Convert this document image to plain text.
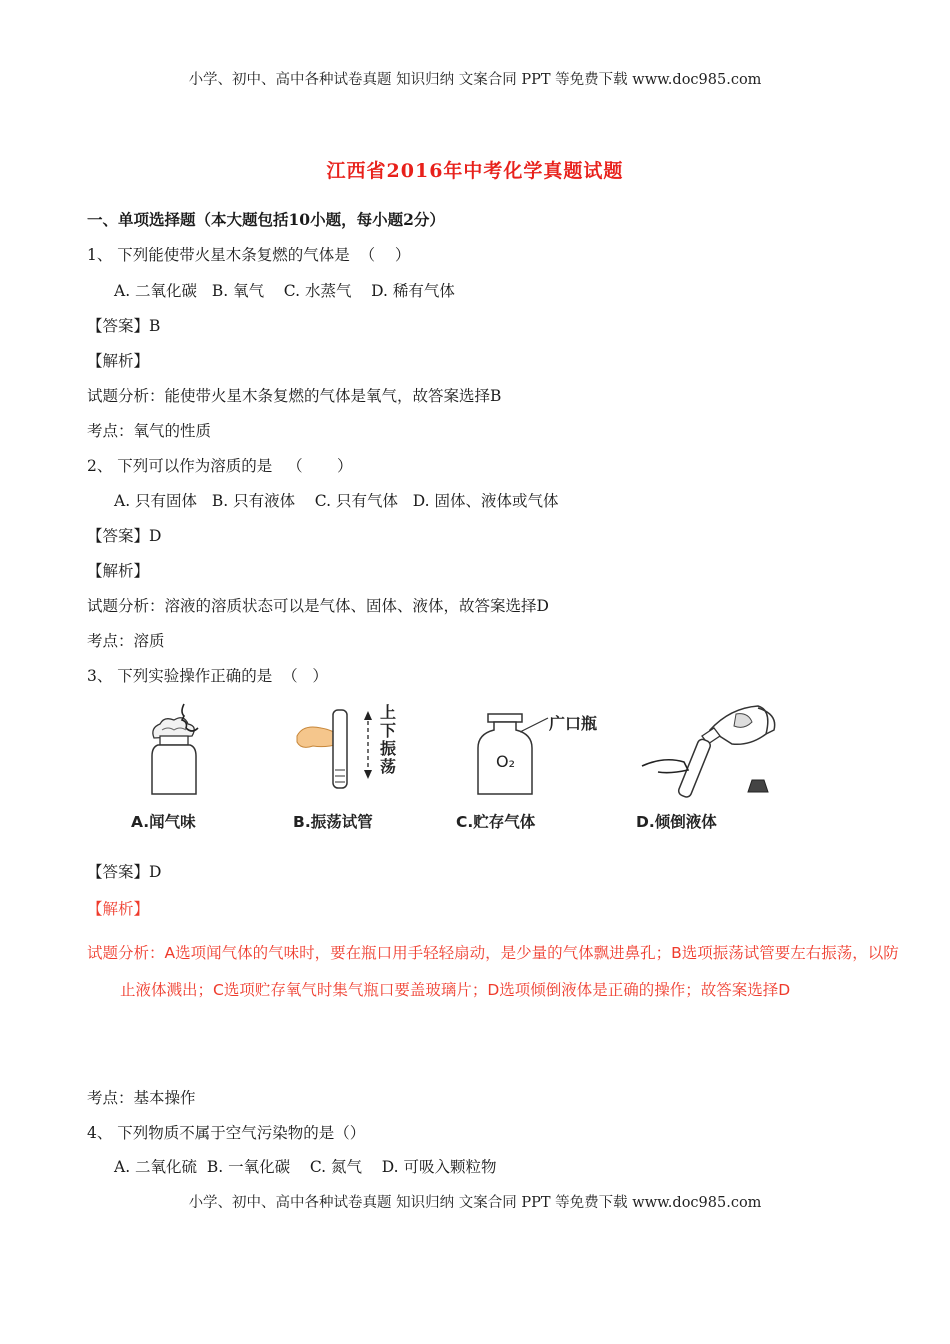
小学、初中、高中各种试卷真题 知识归纳 文案合同 PPT 等免费下载 www.doc985.com
江西省2016年中考化学真题试题
一、单项选择题（本大题包括10小题，每小题2分）
1、 下列能使带火星木条复燃的气体是  （    ）
A. 二氧化碳   B. 氧气    C. 水蒸气    D. 稀有气体
【答案】B
【解析】
试题分析：能使带火星木条复燃的气体是氧气，故答案选择B
考点：氧气的性质
2、 下列可以作为溶质的是   （       ）
A. 只有固体   B. 只有液体    C. 只有气体   D. 固体、液体或气体
【答案】D
【解析】
试题分析：溶液的溶质状态可以是气体、固体、液体，故答案选择D
考点：溶质
3、 下列实验操作正确的是  （   ）
A.闻气味
上下振荡
B.振荡试管
O₂
广口瓶
C.贮存气体	D.倾倒液体
【答案】D
【解析】
试题分析：A选项闻气体的气味时，要在瓶口用手轻轻扇动，是少量的气体飘进鼻孔；B选项振荡试管要左右振荡，以防止液体溅出；C选项贮存氧气时集气瓶口要盖玻璃片；D选项倾倒液体是正确的操作；故答案选择D
考点：基本操作
4、 下列物质不属于空气污染物的是（）
A. 二氧化硫  B. 一氧化碳    C. 氮气    D. 可吸入颗粒物
小学、初中、高中各种试卷真题 知识归纳 文案合同 PPT 等免费下载 www.doc985.com
